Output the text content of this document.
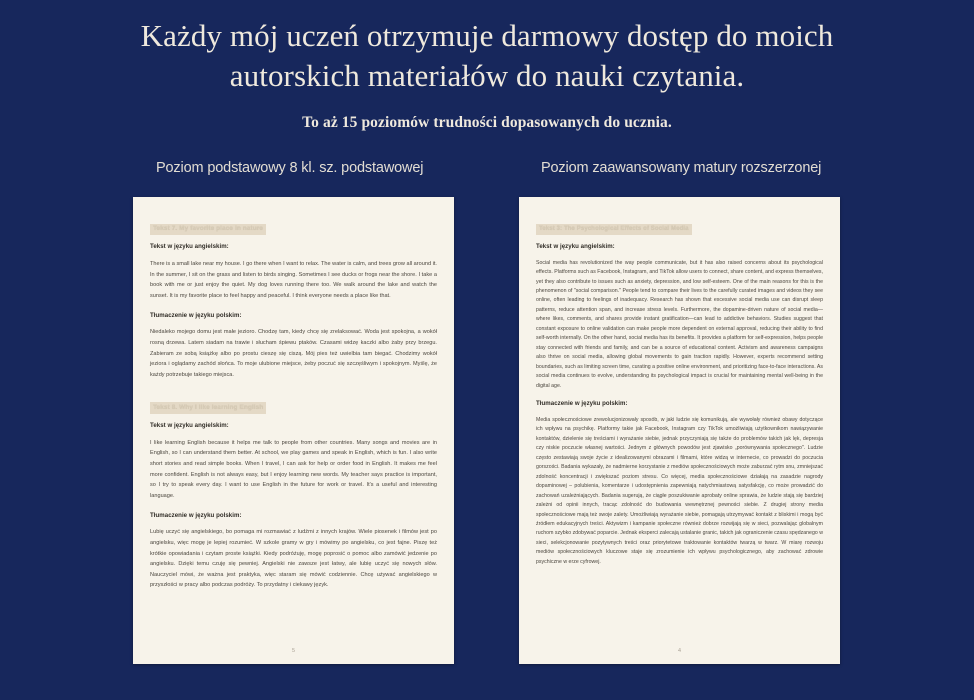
Każdy mój uczeń otrzymuje darmowy dostęp do moich autorskich materiałów do nauki czytania.
To aż 15 poziomów trudności dopasowanych do ucznia.
Poziom podstawowy 8 kl. sz. podstawowej	Poziom zaawansowany matury rozszerzonej
Tekst 7. My favorite place in nature
Tekst w języku angielskim:

There is a small lake near my house. I go there when I want to relax. The water is calm, and trees grow all around it. In the summer, I sit on the grass and listen to birds singing. Sometimes I see ducks or frogs near the shore. I take a book with me or just enjoy the quiet. My dog loves running there too. We walk around the lake and watch the sunset. It is my favorite place to feel happy and peaceful. I think everyone needs a place like that.

Tłumaczenie w języku polskim:

Niedaleko mojego domu jest małe jezioro. Chodzę tam, kiedy chcę się zrelaksować. Woda jest spokojna, a wokół rosną drzewa. Latem siadam na trawie i słucham śpiewu ptaków. Czasami widzę kaczki albo żaby przy brzegu. Zabieram ze sobą książkę albo po prostu cieszę się ciszą. Mój pies też uwielbia tam biegać. Chodzimy wokół jeziora i oglądamy zachód słońca. To moje ulubione miejsce, żeby poczuć się szczęśliwym i spokojnym. Myślę, że każdy potrzebuje takiego miejsca.

Tekst 8. Why I like learning English
Tekst w języku angielskim:

I like learning English because it helps me talk to people from other countries. Many songs and movies are in English, so I can understand them better. At school, we play games and speak in English, which is fun. I also write short stories and read simple books. When I travel, I can ask for help or order food in English. It makes me feel more confident. English is not always easy, but I enjoy learning new words. My teacher says practice is important, so I try to speak every day. I want to use English in the future for work or travel. It's a useful and interesting language.

Tłumaczenie w języku polskim:

Lubię uczyć się angielskiego, bo pomaga mi rozmawiać z ludźmi z innych krajów. Wiele piosenek i filmów jest po angielsku, więc mogę je lepiej rozumieć. W szkole gramy w gry i mówimy po angielsku, co jest fajne. Piszę też krótkie opowiadania i czytam proste książki. Kiedy podróżuję, mogę poprosić o pomoc albo zamówić jedzenie po angielsku. Dzięki temu czuję się pewniej. Angielski nie zawsze jest łatwy, ale lubię uczyć się nowych słów. Nauczyciel mówi, że ważna jest praktyka, więc staram się mówić codziennie. Chcę używać angielskiego w przyszłości w pracy albo podczas podróży. To przydatny i ciekawy język.

5
Tekst 3: The Psychological Effects of Social Media
Tekst w języku angielskim:

Social media has revolutionized the way people communicate, but it has also raised concerns about its psychological effects. Platforms such as Facebook, Instagram, and TikTok allow users to connect, share content, and express themselves, yet they also contribute to issues such as anxiety, depression, and low self-esteem. One of the main reasons for this is the phenomenon of "social comparison." People tend to compare their lives to the carefully curated images and videos they see online, often leading to feelings of inadequacy. Research has shown that excessive social media use can disrupt sleep patterns, reduce attention span, and increase stress levels. Furthermore, the dopamine-driven nature of social media—where likes, comments, and shares provide instant gratification—can lead to addictive behaviors. Studies suggest that constant exposure to online validation can make people more dependent on external approval, reducing their ability to find self-worth internally. On the other hand, social media has its benefits. It provides a platform for self-expression, helps people stay connected with friends and family, and can be a source of educational content. Activism and awareness campaigns also thrive on social media, allowing global movements to gain traction rapidly. However, experts recommend setting boundaries, such as limiting screen time, curating a positive online environment, and prioritizing face-to-face interactions. As social media continues to evolve, understanding its psychological impact is crucial for maintaining mental well-being in the digital age.

Tłumaczenie w języku polskim:

Media społecznościowe zrewolucjonizowały sposób, w jaki ludzie się komunikują, ale wywołały również obawy dotyczące ich wpływu na psychikę. Platformy takie jak Facebook, Instagram czy TikTok umożliwiają użytkownikom nawiązywanie kontaktów, dzielenie się treściami i wyrażanie siebie, jednak przyczyniają się także do problemów takich jak lęk, depresja czy niskie poczucie własnej wartości. Jednym z głównych powodów jest zjawisko „porównywania społecznego". Ludzie często zestawiają swoje życie z idealizowanymi obrazami i filmami, które widzą w internecie, co prowadzi do poczucia gorszości. Badania wykazały, że nadmierne korzystanie z mediów społecznościowych może zaburzać rytm snu, zmniejszać zdolność koncentracji i zwiększać poziom stresu. Co więcej, media społecznościowe działają na zasadzie nagrody dopaminowej – polubienia, komentarze i udostępnienia zapewniają natychmiastową satysfakcję, co może prowadzić do zachowań uzależniających. Badania sugerują, że ciągłe poszukiwanie aprobaty online sprawia, że ludzie stają się bardziej zależni od opinii innych, tracąc zdolność do budowania wewnętrznej pewności siebie. Z drugiej strony media społecznościowe mają też swoje zalety. Umożliwiają wyrażanie siebie, pomagają utrzymywać kontakt z bliskimi i mogą być źródłem edukacyjnych treści. Aktywizm i kampanie społeczne również dobrze rozwijają się w sieci, pozwalając globalnym ruchom szybko zdobywać poparcie. Jednak eksperci zalecają ustalanie granic, takich jak ograniczenie czasu spędzanego w sieci, selekcjonowanie pozytywnych treści oraz priorytetowe traktowanie kontaktów twarzą w twarz. W miarę rozwoju mediów społecznościowych kluczowe staje się zrozumienie ich wpływu psychologicznego, aby zachować zdrowie psychiczne w erze cyfrowej.

4
